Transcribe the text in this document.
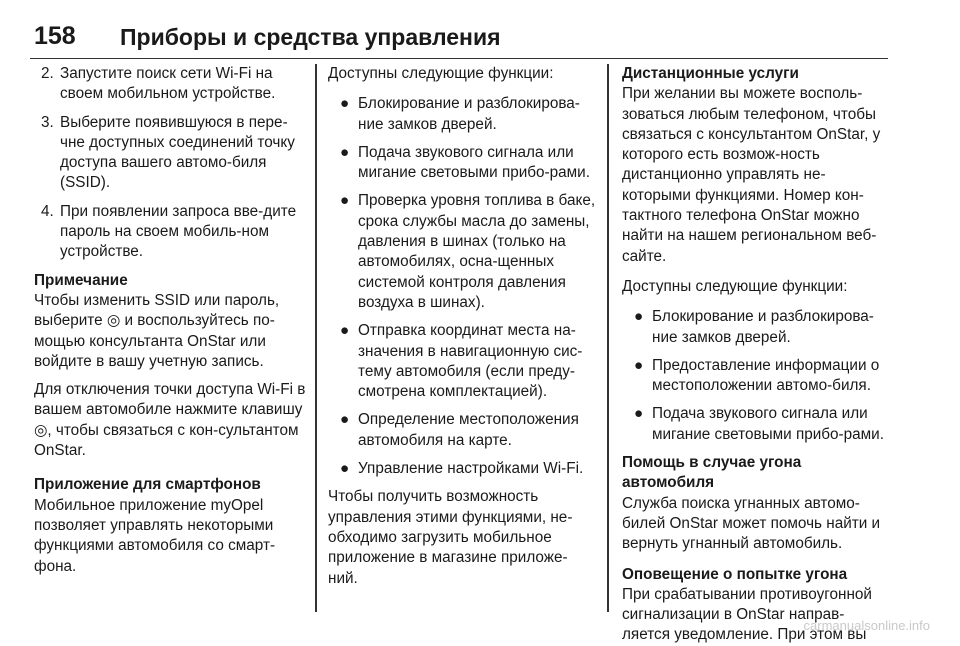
158 Приборы и средства управления
2. Запустите поиск сети Wi-Fi на своем мобильном устройстве.
3. Выберите появившуюся в пере-чне доступных соединений точку доступа вашего автомо-биля (SSID).
4. При появлении запроса вве-дите пароль на своем мобиль-ном устройстве.

Примечание

Чтобы изменить SSID или пароль, выберите ◎ и воспользуйтесь по-мощью консультанта OnStar или войдите в вашу учетную запись.

Для отключения точки доступа Wi-Fi в вашем автомобиле нажмите клавишу ◎, чтобы связаться с кон-сультантом OnStar.

Приложение для смартфонов

Мобильное приложение myOpel позволяет управлять некоторыми функциями автомобиля со смарт-фона.

Доступны следующие функции:

● Блокирование и разблокирова-ние замков дверей.
● Подача звукового сигнала или мигание световыми прибо-рами.
● Проверка уровня топлива в баке, срока службы масла до замены, давления в шинах (только на автомобилях, осна-щенных системой контроля давления воздуха в шинах).
● Отправка координат места на-значения в навигационную сис-тему автомобиля (если преду-смотрена комплектацией).
● Определение местоположения автомобиля на карте.
● Управление настройками Wi-Fi.

Чтобы получить возможность управления этими функциями, не-обходимо загрузить мобильное приложение в магазине приложе-ний.

Дистанционные услуги

При желании вы можете восполь-зоваться любым телефоном, чтобы связаться с консультантом OnStar, у которого есть возмож-ность дистанционно управлять не-которыми функциями. Номер кон-тактного телефона OnStar можно найти на нашем региональном веб-сайте.

Доступны следующие функции:

● Блокирование и разблокирова-ние замков дверей.
● Предоставление информации о местоположении автомо-биля.
● Подача звукового сигнала или мигание световыми прибо-рами.

Помощь в случае угона автомобиля

Служба поиска угнанных автомо-билей OnStar может помочь найти и вернуть угнанный автомобиль.

Оповещение о попытке угона

При срабатывании противоугонной сигнализации в OnStar направ-ляется уведомление. При этом вы

carmanualsonline.info
